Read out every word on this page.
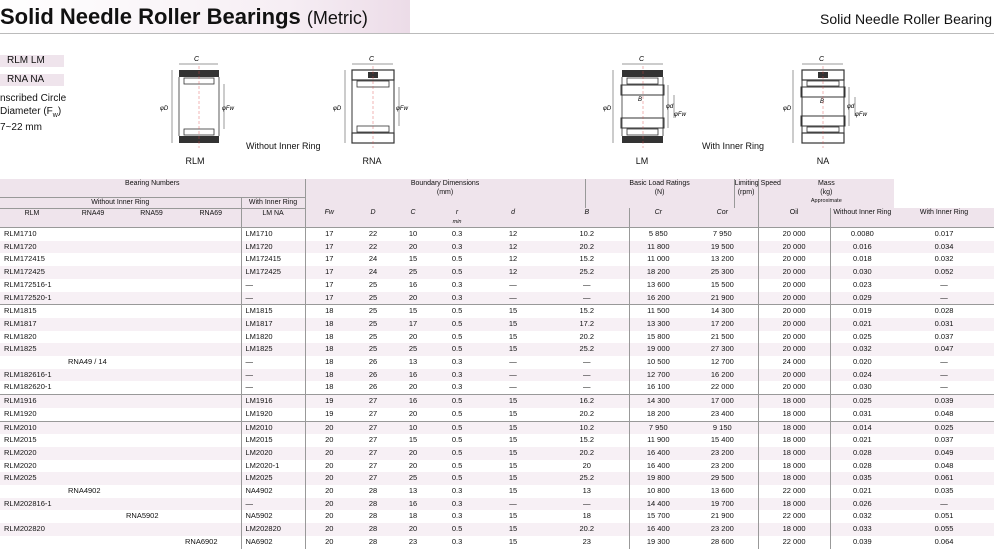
Solid Needle Roller Bearings (Metric)	Solid Needle Roller Bearing
RLM LM
RNA NA
nscribed Circle
Diameter $(F_w)$
7~22 mm
C
φD	φFw
RLM
Without Inner Ring
C
φD	φFw
RNA
C
B
φD	φd
φFw
LM
With Inner Ring
C
B
φD	φd
φFw
NA
Bearing Numbers					Boundary Dimensions
(mm)						Basic Load Ratings
(N)			Limiting Speed
(rpm)	Mass
(kg)		
Without Inner Ring				With Inner Ring											Approximate		
RLM	RNA49	RNA59	RNA69	LM NA	Fw	D	C	r
min	d	B		Cr	Cor		Oil	Without Inner Ring	With Inner Ring
RLM1710				LM1710	17	22	10	0.3	12	10.2		5 850	7 950		20 000	0.0080	0.017
RLM1720				LM1720	17	22	20	0.3	12	20.2		11 800	19 500		20 000	0.016	0.034
RLM172415				LM172415	17	24	15	0.5	12	15.2		11 000	13 200		20 000	0.018	0.032
RLM172425				LM172425	17	24	25	0.5	12	25.2		18 200	25 300		20 000	0.030	0.052
RLM172516-1				—	17	25	16	0.3	—	—		13 600	15 500		20 000	0.023	—
RLM172520-1				—	17	25	20	0.3	—	—		16 200	21 900		20 000	0.029	—
RLM1815				LM1815	18	25	15	0.5	15	15.2		11 500	14 300		20 000	0.019	0.028
RLM1817				LM1817	18	25	17	0.5	15	17.2		13 300	17 200		20 000	0.021	0.031
RLM1820				LM1820	18	25	20	0.5	15	20.2		15 800	21 500		20 000	0.025	0.037
RLM1825				LM1825	18	25	25	0.5	15	25.2		19 000	27 300		20 000	0.032	0.047
	RNA49 / 14			—	18	26	13	0.3	—	—		10 500	12 700		24 000	0.020	—
RLM182616-1				—	18	26	16	0.3	—	—		12 700	16 200		20 000	0.024	—
RLM182620-1				—	18	26	20	0.3	—	—		16 100	22 000		20 000	0.030	—
RLM1916				LM1916	19	27	16	0.5	15	16.2		14 300	17 000		18 000	0.025	0.039
RLM1920				LM1920	19	27	20	0.5	15	20.2		18 200	23 400		18 000	0.031	0.048
RLM2010				LM2010	20	27	10	0.5	15	10.2		7 950	9 150		18 000	0.014	0.025
RLM2015				LM2015	20	27	15	0.5	15	15.2		11 900	15 400		18 000	0.021	0.037
RLM2020				LM2020	20	27	20	0.5	15	20.2		16 400	23 200		18 000	0.028	0.049
RLM2020				LM2020-1	20	27	20	0.5	15	20		16 400	23 200		18 000	0.028	0.048
RLM2025				LM2025	20	27	25	0.5	15	25.2		19 800	29 500		18 000	0.035	0.061
	RNA4902			NA4902	20	28	13	0.3	15	13		10 800	13 600		22 000	0.021	0.035
RLM202816-1				—	20	28	16	0.3	—	—		14 400	19 700		18 000	0.026	—
		RNA5902		NA5902	20	28	18	0.3	15	18		15 700	21 900		22 000	0.032	0.051
RLM202820				LM202820	20	28	20	0.5	15	20.2		16 400	23 200		18 000	0.033	0.055
			RNA6902	NA6902	20	28	23	0.3	15	23		19 300	28 600		22 000	0.039	0.064
